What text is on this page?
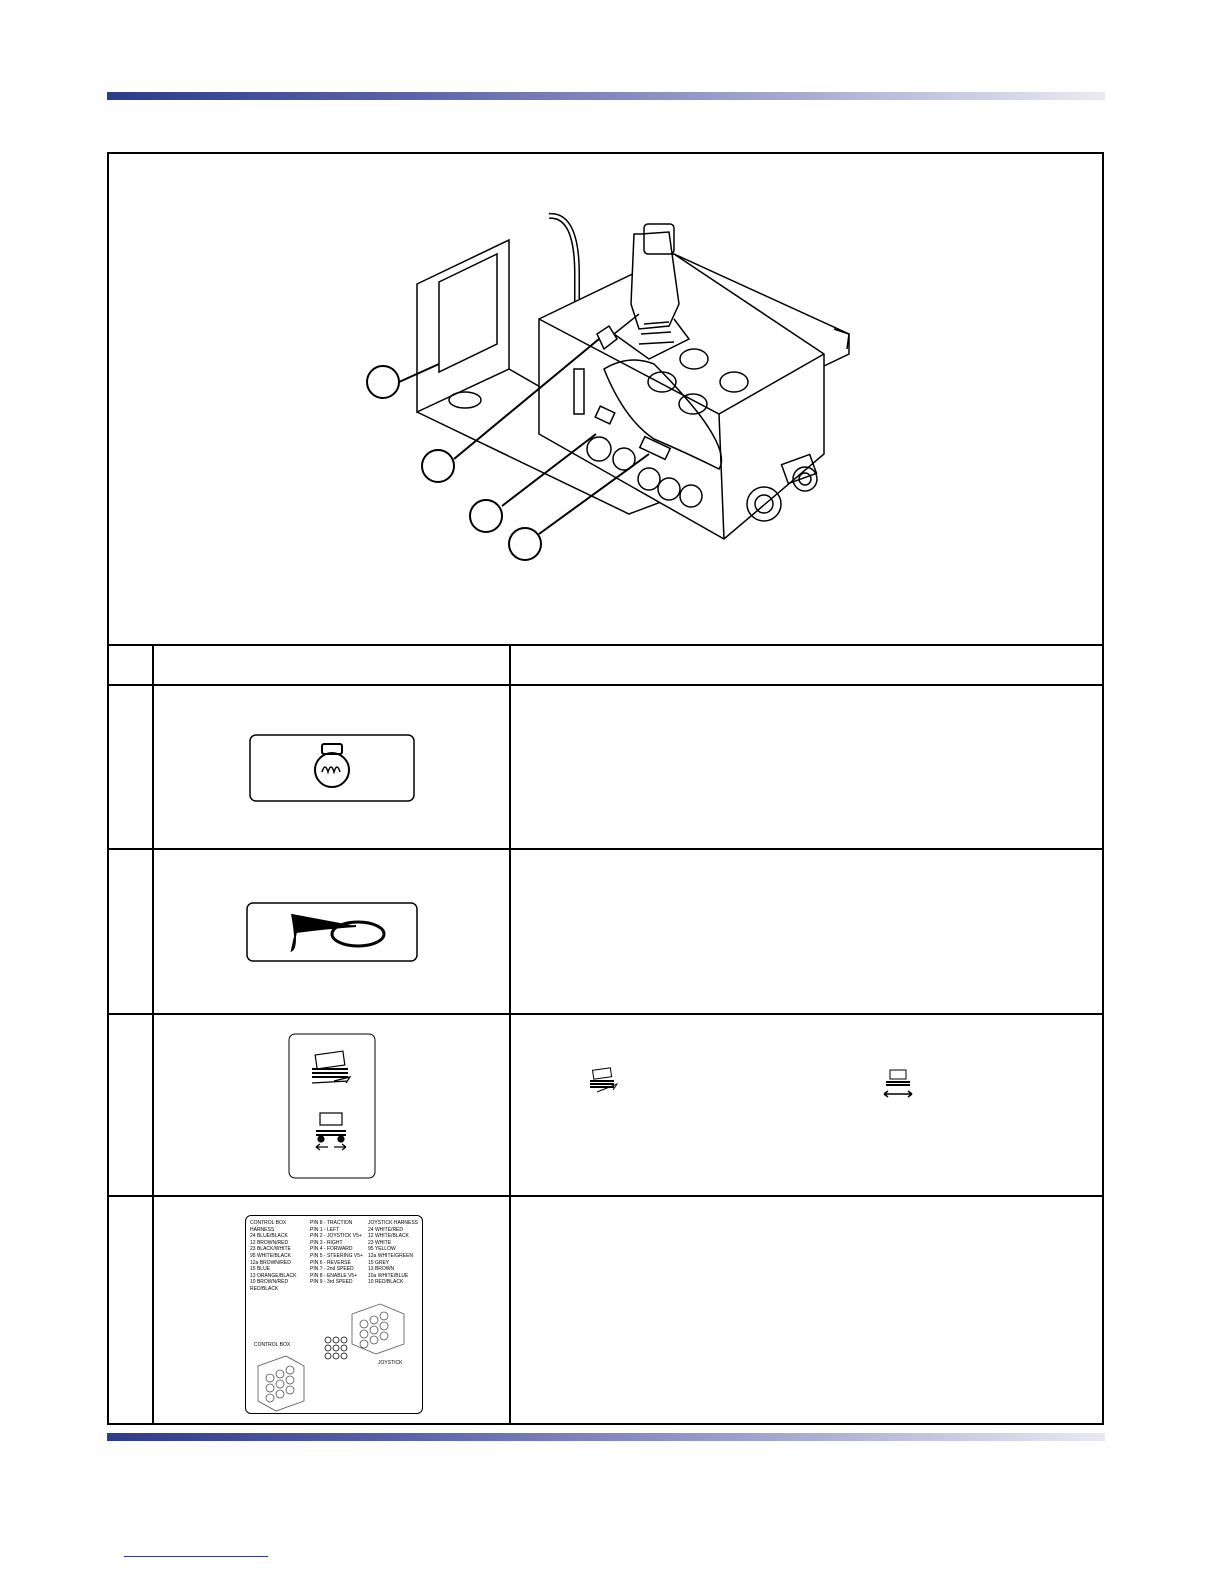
CONTROL BOX HARNESS
24 BLUE/BLACK
12 BROWN/RED
23 BLACK/WHITE
95 WHITE/BLACK
12a BROWN/RED
15 BLUE
13 ORANGE/BLACK
10 BROWN/RED
RED/BLACK
PIN 8 - TRACTION
PIN 1 - LEFT
PIN 2 - JOYSTICK V5+
PIN 3 - RIGHT
PIN 4 - FORWARD
PIN 5 - STEERING V5+
PIN 6 - REVERSE
PIN 7 - 2nd SPEED
PIN 8 - ENABLE V5+
PIN 9 - 3rd SPEED
JOYSTICK HARNESS
24 WHITE/RED
12 WHITE/BLACK
23 WHITE
95 YELLOW
12a WHITE/GREEN
15 GREY
13 BROWN
10a WHITE/BLUE
10 RED/BLACK
CONTROL BOX
JOYSTICK
